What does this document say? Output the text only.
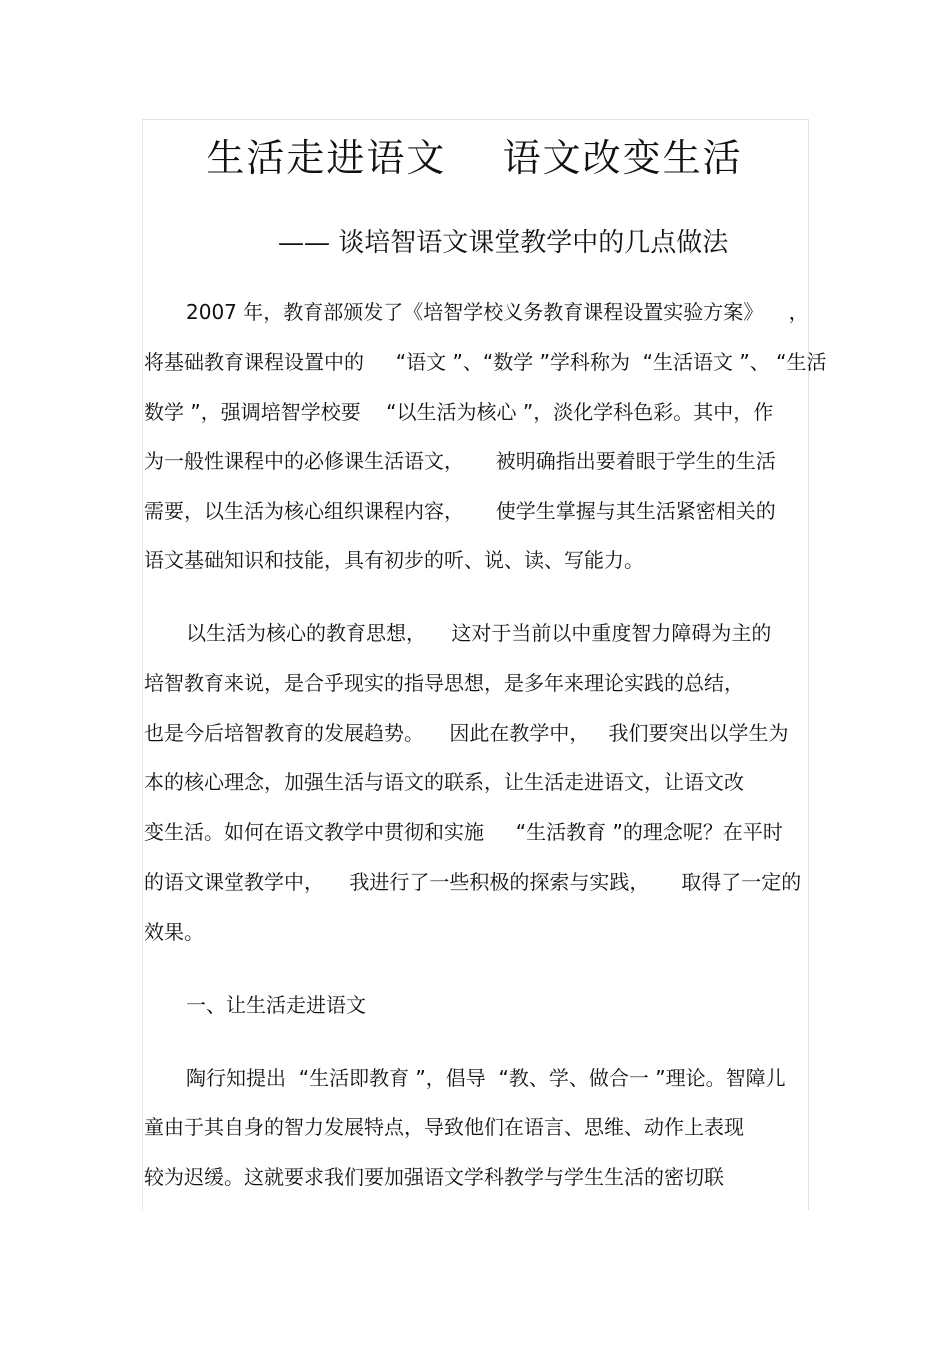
生活走进语文    语文改变生活
—— 谈培智语文课堂教学中的几点做法

2007 年，教育部颁发了《培智学校义务教育课程设置实验方案》    ，

将基础教育课程设置中的     “语文 ”、“数学 ”学科称为  “生活语文 ”、 “生活

数学 ”，强调培智学校要    “以生活为核心 ”，淡化学科色彩。其中，作

为一般性课程中的必修课生活语文，     被明确指出要着眼于学生的生活

需要，以生活为核心组织课程内容，     使学生掌握与其生活紧密相关的

语文基础知识和技能，具有初步的听、说、读、写能力。

以生活为核心的教育思想，    这对于当前以中重度智力障碍为主的

培智教育来说，是合乎现实的指导思想，是多年来理论实践的总结，

也是今后培智教育的发展趋势。    因此在教学中，   我们要突出以学生为

本的核心理念，加强生活与语文的联系，让生活走进语文，让语文改

变生活。如何在语文教学中贯彻和实施     “生活教育 ”的理念呢？在平时

的语文课堂教学中，    我进行了一些积极的探索与实践，     取得了一定的

效果。

一、让生活走进语文

陶行知提出  “生活即教育 ”，倡导  “教、学、做合一 ”理论。智障儿

童由于其自身的智力发展特点，导致他们在语言、思维、动作上表现

较为迟缓。这就要求我们要加强语文学科教学与学生生活的密切联
